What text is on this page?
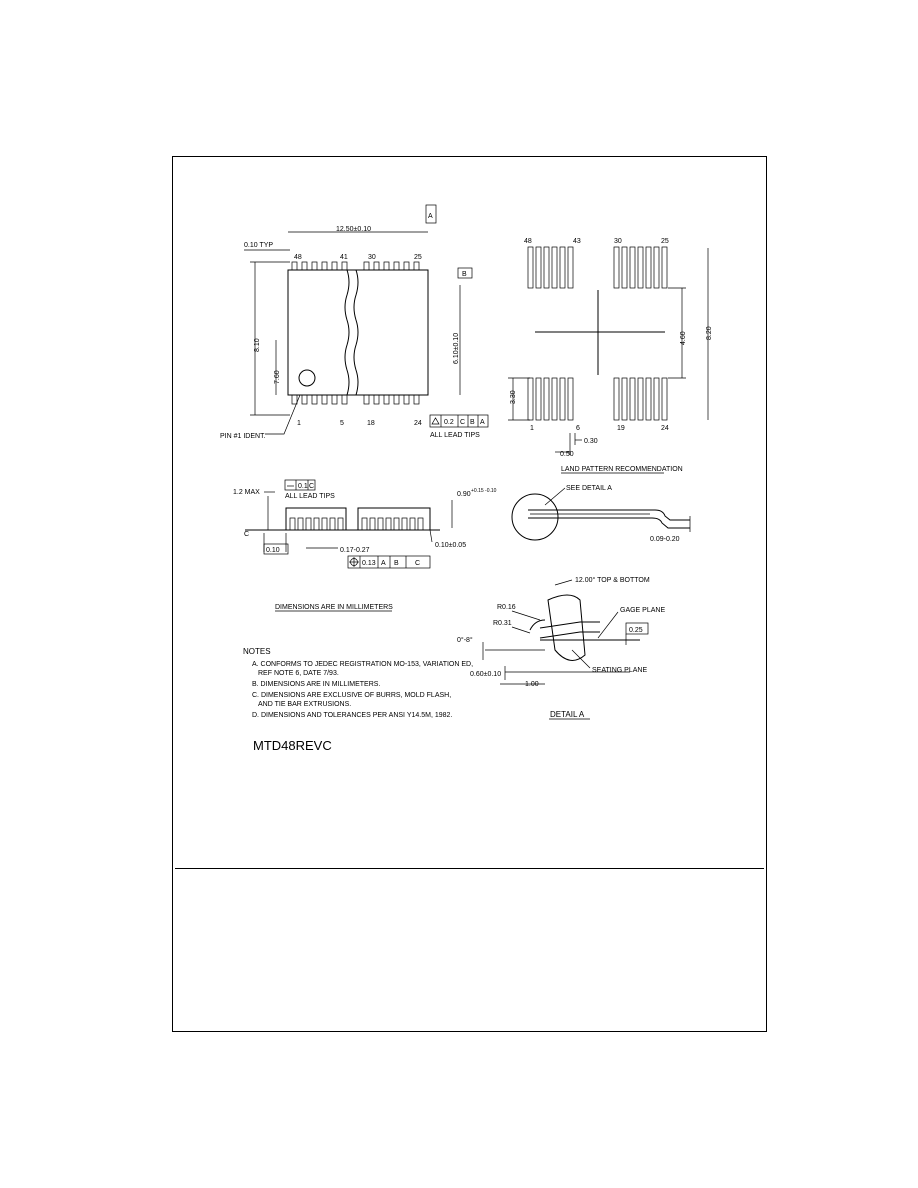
12.50±0.10
A
B
0.10 TYP
8.10
7.60
6.10±0.10
48	41	30	25
1	5	18	24	0.2 C B A
ALL LEAD TIPS
PIN #1 IDENT.
48	43	30	25
1	6	19	24
4.60	8.20
3.30
0.30
0.50
LAND PATTERN RECOMMENDATION
1.2 MAX
0.1 C
ALL LEAD TIPS	0.90 +0.15 -0.10
C
0.10	0.17-0.27
0.10±0.05
0.13 A B C
SEE DETAIL A
0.09-0.20
DIMENSIONS ARE IN MILLIMETERS
NOTES
A. CONFORMS TO JEDEC REGISTRATION MO-153, VARIATION ED,
REF NOTE 6, DATE 7/93.
B. DIMENSIONS ARE IN MILLIMETERS.
C. DIMENSIONS ARE EXCLUSIVE OF BURRS, MOLD FLASH,
AND TIE BAR EXTRUSIONS.
D. DIMENSIONS AND TOLERANCES PER ANSI Y14.5M, 1982.
12.00° TOP & BOTTOM
R0.16
R0.31
0°-8°
GAGE PLANE
0.25
0.60±0.10
1.00
SEATING PLANE
DETAIL A
MTD48REVC
